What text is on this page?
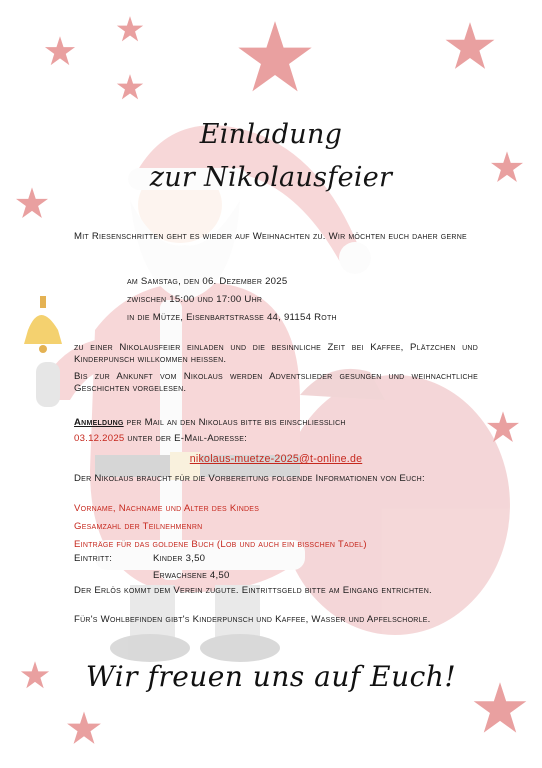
Einladung
zur Nikolausfeier
Mit Riesenschritten geht es wieder auf Weihnachten zu. Wir möchten euch daher gerne
am Samstag, den 06. Dezember 2025
zwischen 15:00 und 17:00 Uhr
in die Mütze, Eisenbartstrasse 44, 91154 Roth
zu einer Nikolausfeier einladen und die besinnliche Zeit bei Kaffee, Plätzchen und Kinderpunsch willkommen heissen.
Bis zur Ankunft vom Nikolaus werden Adventslieder gesungen und weihnachtliche Geschichten vorgelesen.
Anmeldung per Mail an den Nikolaus bitte bis einschliesslich
03.12.2025 unter der E-Mail-Adresse:
nikolaus-muetze-2025@t-online.de
Der Nikolaus braucht für die Vorbereitung folgende Informationen von Euch:
Vorname, Nachname und Alter des Kindes
Gesamzahl der Teilnehmenrn
Einträge für das goldene Buch (Lob und auch ein bisschen Tadel)
Eintritt:	Kinder 3,50
Erwachsene 4,50
Der Erlös kommt dem Verein zugute. Eintrittsgeld bitte am Eingang entrichten.
Für's Wohlbefinden gibt's Kinderpunsch und Kaffee, Wasser und Apfelschorle.
Wir freuen uns auf Euch!
